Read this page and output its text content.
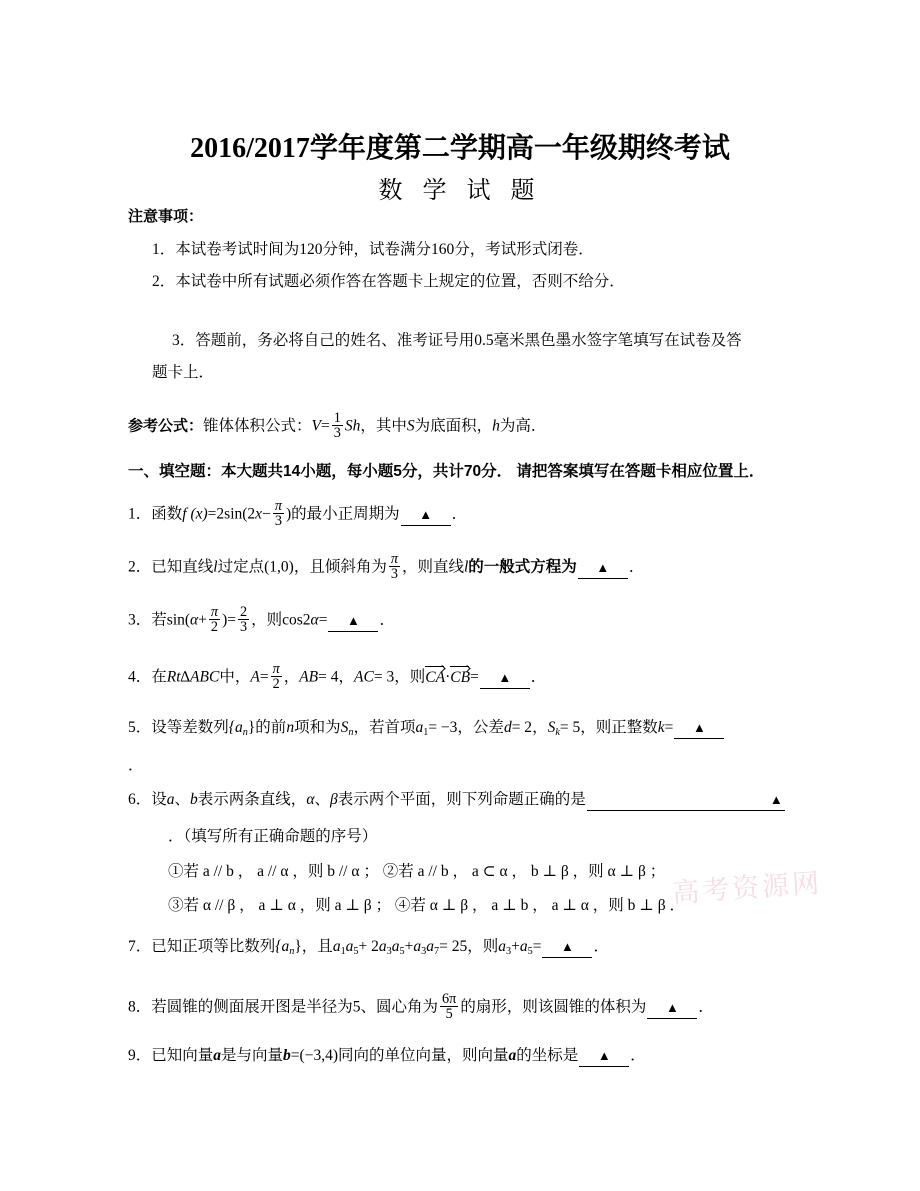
高考资源网
2016/2017学年度第二学期高一年级期终考试
数 学 试 题
注意事项：
1．本试卷考试时间为120分钟，试卷满分160分，考试形式闭卷．
2．本试卷中所有试题必须作答在答题卡上规定的位置，否则不给分．
3．答题前，务必将自己的姓名、准考证号用0.5毫米黑色墨水签字笔填写在试卷及答
题卡上．
参考公式：锥体体积公式：$V= \frac{1}{3}$ Sh，其中S为底面积，h为高．
一、填空题：本大题共14小题，每小题5分，共计70分． 请把答案填写在答题卡相应位置上．
1．函数f $(x)=2\sin(2x- \frac{\pi}{3}$ )的最小正周期为 ▲ ．
2．已知直线l过定点(1,0)，且倾斜角为 $\frac{\pi}{3}$ ，则直线l的一般式方程为 ▲ ．
3．若$\sin(\alpha+ \frac{\pi}{2}$ )= $\frac{2}{3}$ ，则cos2α= ▲ ．
4．在Rt∆ABC中，$A= \frac{\pi}{2}$ ，AB= 4，AC= 3，则CA·CB= ▲ ．
5．设等差数列$\{a_n\}$的前n项和为$S_n$，若首项$a_1= -3$，公差d= 2，$S_k= 5$，则正整数k= ▲
．
6．设a、b表示两条直线，α、β表示两个平面，则下列命题正确的是	▲
．（填写所有正确命题的序号）
①若 a // b ， a // α ，则 b // α ； ②若 a // b ， a ⊂ α ， b ⊥ β ，则 α ⊥ β ；
③若 α // β ， a ⊥ α ，则 a ⊥ β ； ④若 α ⊥ β ， a ⊥ b ， a ⊥ α ，则 b ⊥ β ．
7．已知正项等比数列$\{a_n\}$，且$a_1a_5+ 2a_3a_5+a_3a_7= 25$，则$a_3+a_5=$ ▲ ．
8．若圆锥的侧面展开图是半径为5、圆心角为 $\frac{6\pi}{5}$ 的扇形，则该圆锥的体积为 ▲ ．
9．已知向量a是与向量b=(−3,4)同向的单位向量，则向量a的坐标是 ▲ ．
